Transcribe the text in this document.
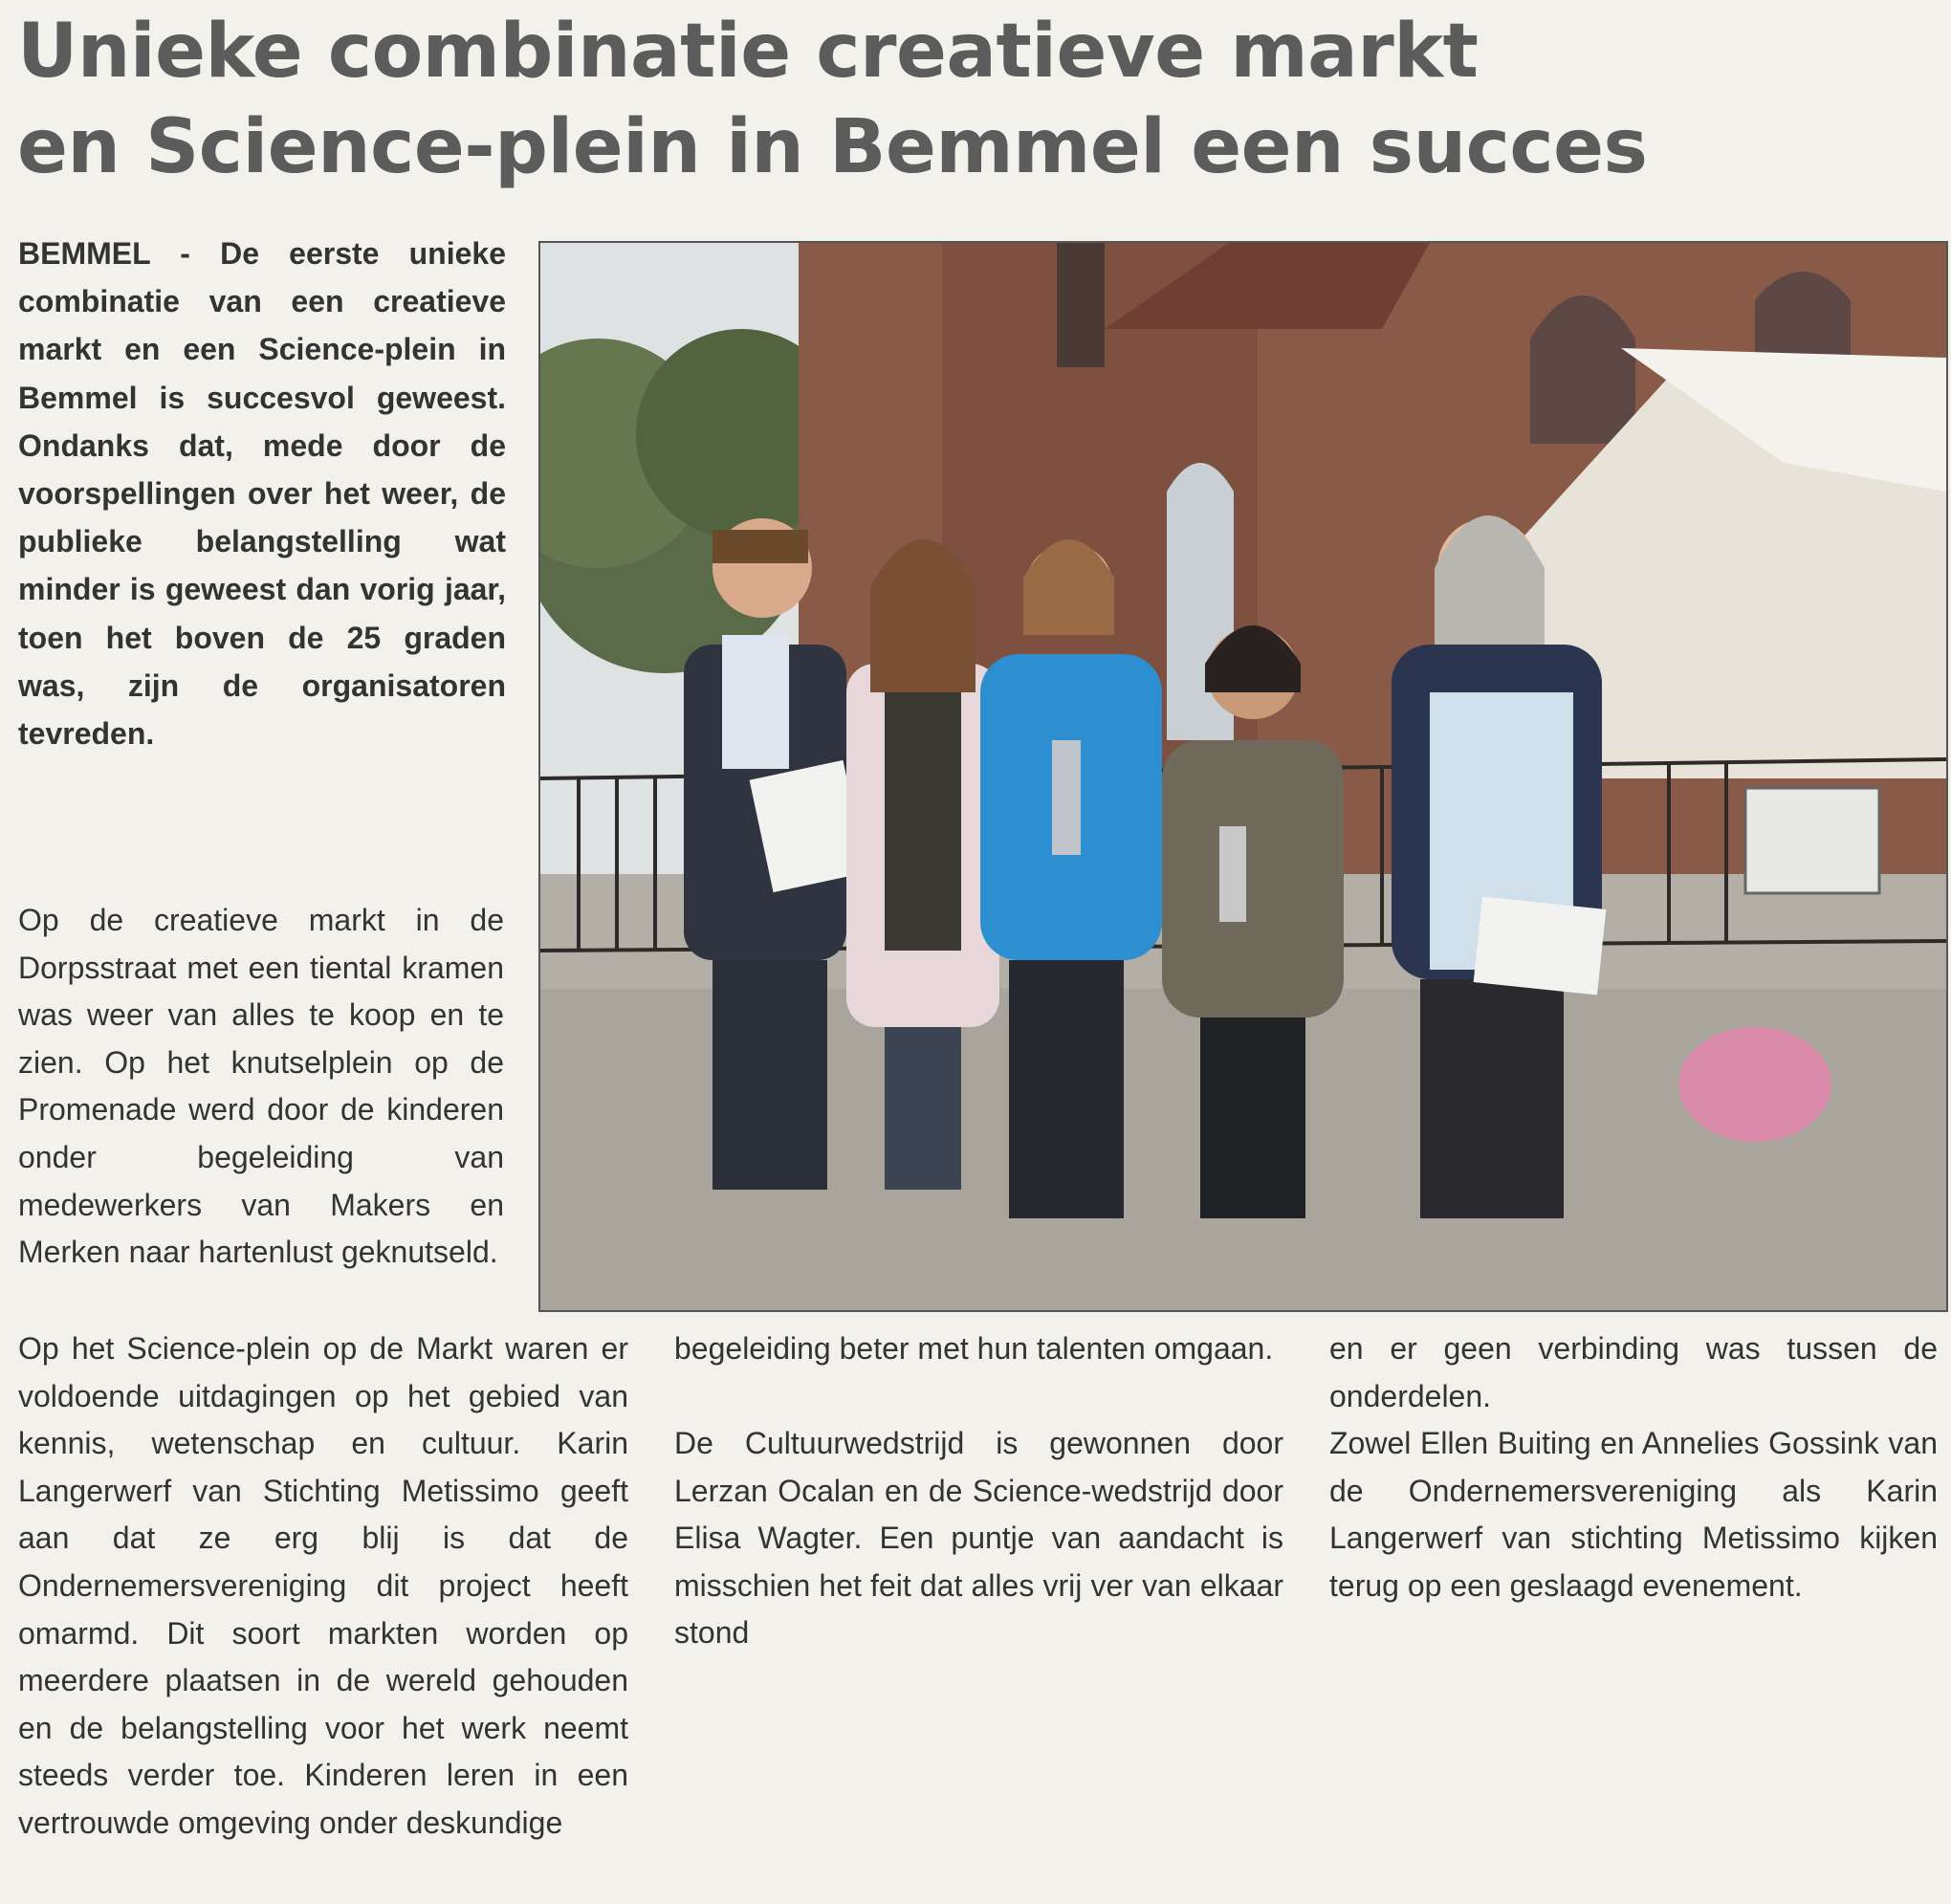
Unieke combinatie creatieve markt
en Science-plein in Bemmel een succes

BEMMEL - De eerste unieke combinatie van een creatieve markt en een Science-plein in Bemmel is succesvol geweest. Ondanks dat, mede door de voorspellingen over het weer, de publieke belangstelling wat minder is geweest dan vorig jaar, toen het boven de 25 graden was, zijn de organisatoren tevreden.

Op de creatieve markt in de Dorpsstraat met een tiental kramen was weer van alles te koop en te zien. Op het knutselplein op de Promenade werd door de kinderen onder begeleiding van medewerkers van Makers en Merken naar hartenlust geknutseld.

Op het Science-plein op de Markt waren er voldoende uitdagingen op het gebied van kennis, wetenschap en cultuur. Karin Langerwerf van Stichting Metissimo geeft aan dat ze erg blij is dat de Ondernemersvereniging dit project heeft omarmd. Dit soort markten worden op meerdere plaatsen in de wereld gehouden en de belangstelling voor het werk neemt steeds verder toe. Kinderen leren in een vertrouwde omgeving onder deskundige

begeleiding beter met hun talenten omgaan.

De Cultuurwedstrijd is gewonnen door Lerzan Ocalan en de Science-wedstrijd door Elisa Wagter. Een puntje van aandacht is misschien het feit dat alles vrij ver van elkaar stond

en er geen verbinding was tussen de onderdelen.

Zowel Ellen Buiting en Annelies Gossink van de Ondernemersvereniging als Karin Langerwerf van stichting Metissimo kijken terug op een geslaagd evenement.
